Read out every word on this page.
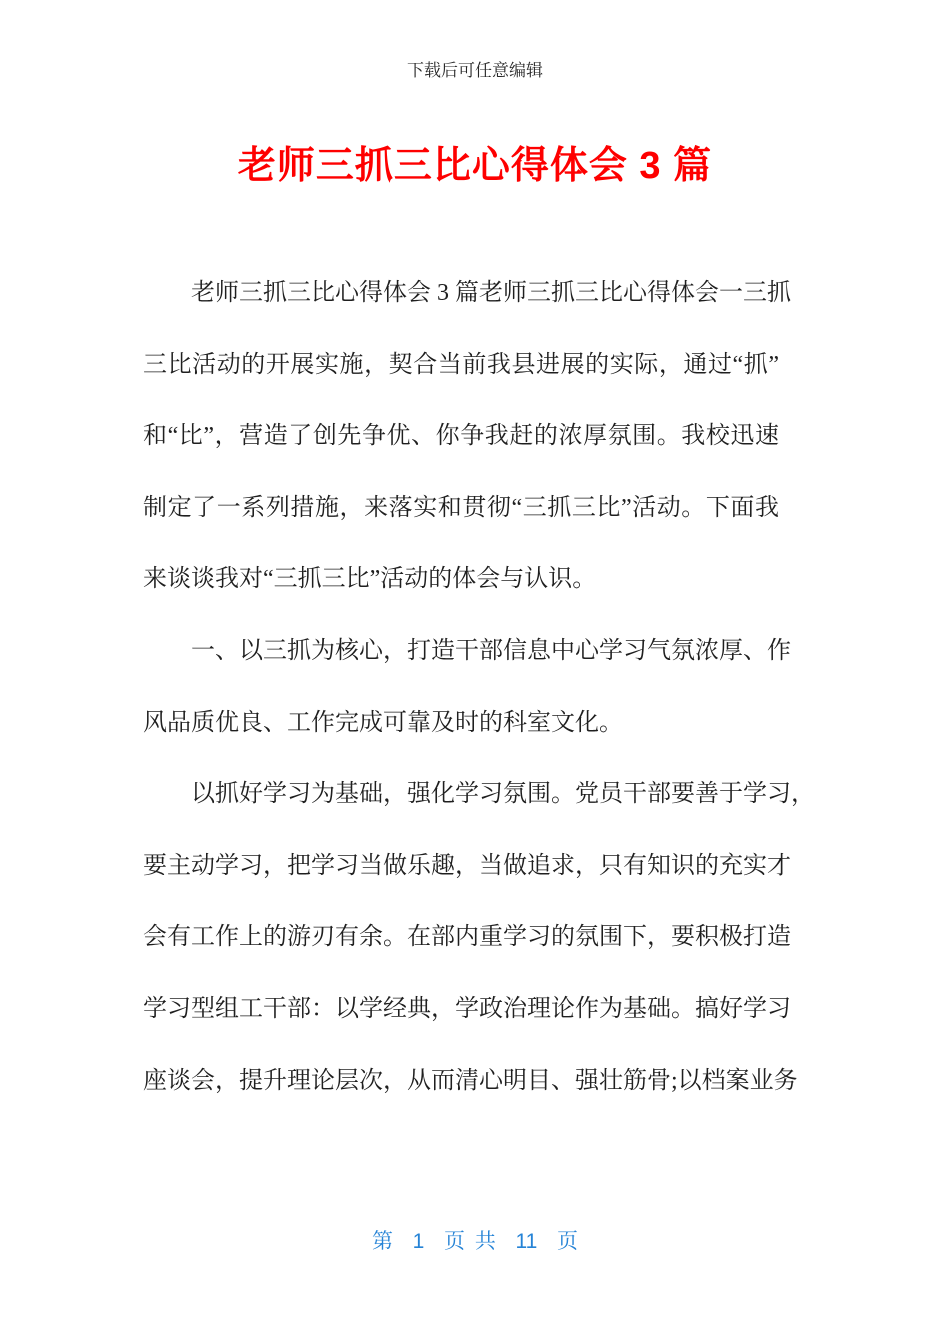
下载后可任意编辑
老师三抓三比心得体会 3 篇
老师三抓三比心得体会 3 篇老师三抓三比心得体会一三抓
三比活动的开展实施，契合当前我县进展的实际，通过“抓”
和“比”，营造了创先争优、你争我赶的浓厚氛围。我校迅速
制定了一系列措施，来落实和贯彻“三抓三比”活动。下面我
来谈谈我对“三抓三比”活动的体会与认识。
一、以三抓为核心，打造干部信息中心学习气氛浓厚、作
风品质优良、工作完成可靠及时的科室文化。
以抓好学习为基础，强化学习氛围。党员干部要善于学习，
要主动学习，把学习当做乐趣，当做追求，只有知识的充实才
会有工作上的游刃有余。在部内重学习的氛围下，要积极打造
学习型组工干部：以学经典，学政治理论作为基础。搞好学习
座谈会，提升理论层次，从而清心明目、强壮筋骨;以档案业务
第  1  页 共  11  页
